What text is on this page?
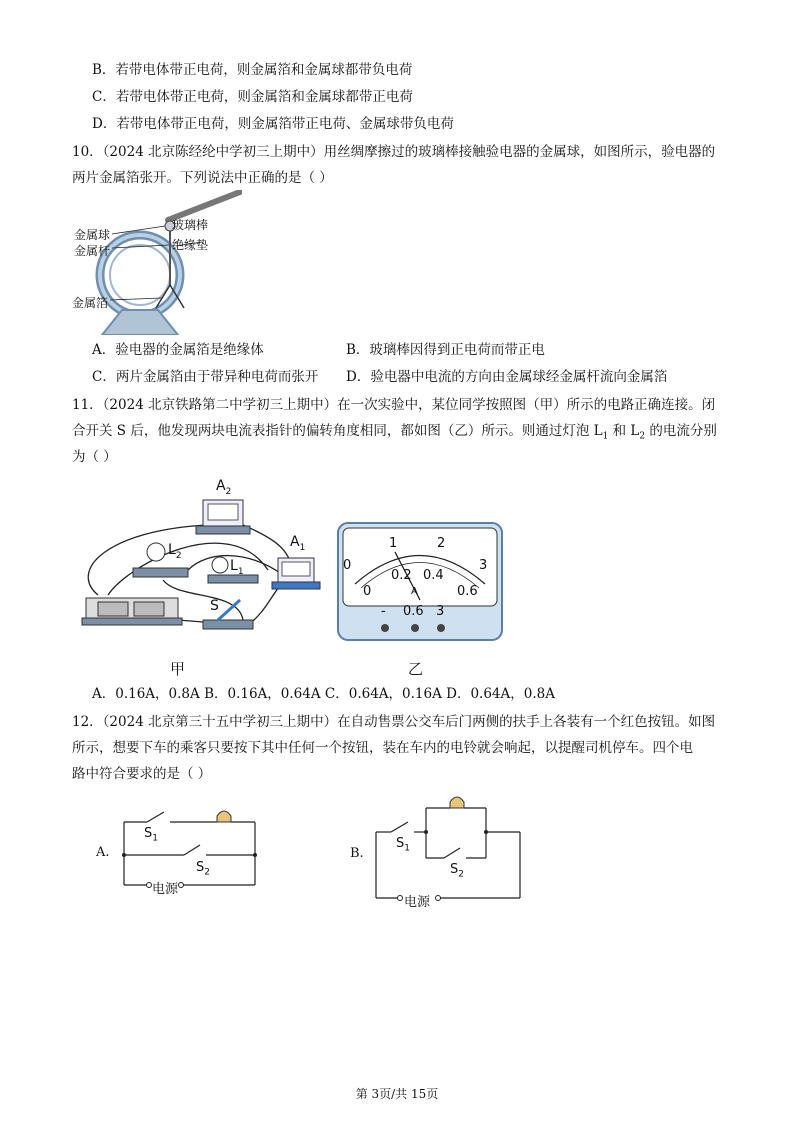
B．若带电体带正电荷，则金属箔和金属球都带负电荷
C．若带电体带正电荷，则金属箔和金属球都带正电荷
D．若带电体带正电荷，则金属箔带正电荷、金属球带负电荷
10．（2024 北京陈经纶中学初三上期中）用丝绸摩擦过的玻璃棒接触验电器的金属球，如图所示，验电器的
两片金属箔张开。下列说法中正确的是（ ）
金属球
金属杆
玻璃棒
绝缘垫
金属箔
A．验电器的金属箔是绝缘体	B．玻璃棒因得到正电荷而带正电
C．两片金属箔由于带异种电荷而张开 D．验电器中电流的方向由金属球经金属杆流向金属箔
11．（2024 北京铁路第二中学初三上期中）在一次实验中，某位同学按照图（甲）所示的电路正确连接。闭
合开关 S 后，他发现两块电流表指针的偏转角度相同，都如图（乙）所示。则通过灯泡 $L_1$ 和 $L_2$ 的电流分别
为（ ）
$A_2$
$A_1$
$L_2$
$L_1$
S
甲
0
1	2
3
0
0.2 0.4
0.6
A
- 0.6 3
乙
A．0.16A，0.8A B．0.16A，0.64A C．0.64A，0.16A D．0.64A，0.8A
12．（2024 北京第三十五中学初三上期中）在自动售票公交车后门两侧的扶手上各装有一个红色按钮。如图
所示，想要下车的乘客只要按下其中任何一个按钮，装在车内的电铃就会响起，以提醒司机停车。四个电
路中符合要求的是（ ）
A.
$S_1$
$S_2$
电源
B.
$S_1$
$S_2$
电源
第 3页/共 15页
